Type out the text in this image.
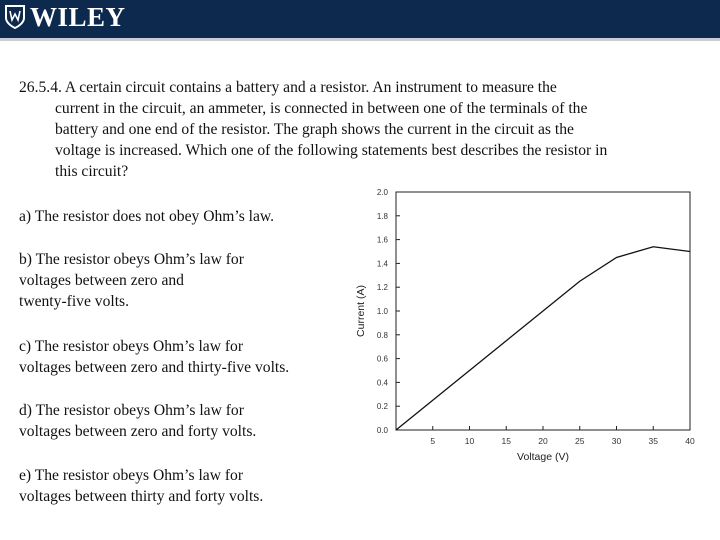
WILEY
26.5.4. A certain circuit contains a battery and a resistor. An instrument to measure the
current in the circuit, an ammeter, is connected in between one of the terminals of the
battery and one end of the resistor. The graph shows the current in the circuit as the
voltage is increased. Which one of the following statements best describes the resistor in
this circuit?
a) The resistor does not obey Ohm’s law.
b) The resistor obeys Ohm’s law for
voltages between zero and
twenty-five volts.
c) The resistor obeys Ohm’s law for
voltages between zero and thirty-five volts.
d) The resistor obeys Ohm’s law for
voltages between zero and forty volts.
e) The resistor obeys Ohm’s law for
voltages between thirty and forty volts.
0.0
0.2
0.4
0.6
0.8
1.0
1.2
1.4
1.6
1.8
2.0
5	10	15	20	25	30	35	40
Voltage (V)
Current (A)
